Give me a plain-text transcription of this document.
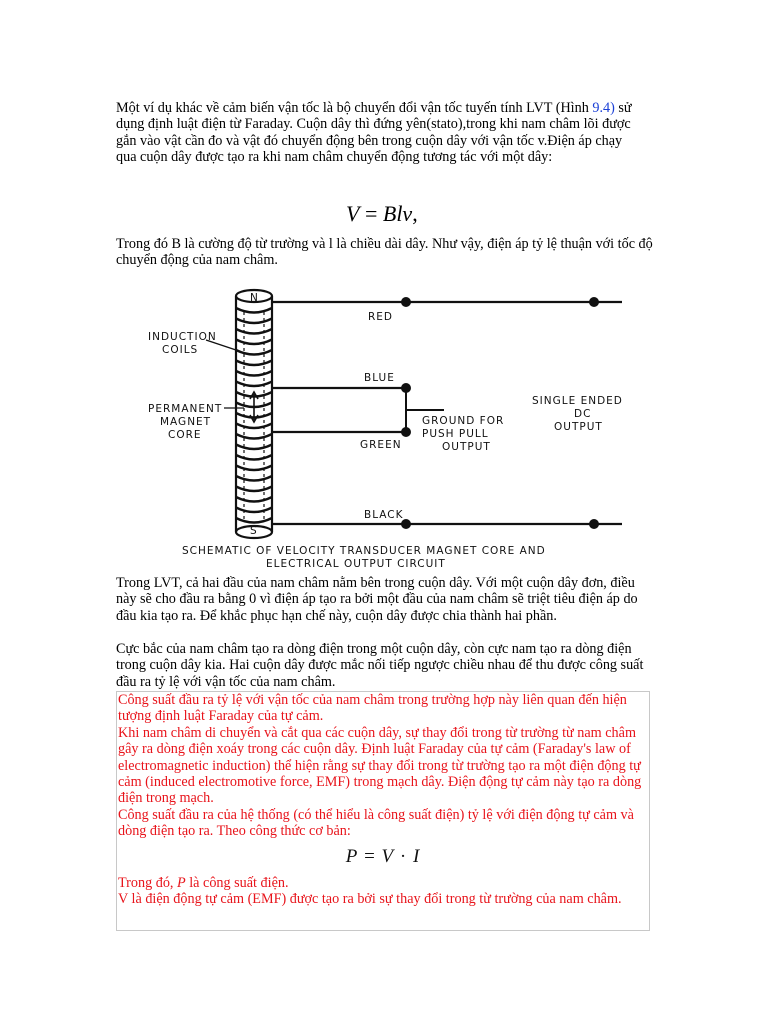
Một ví dụ khác về cảm biến vận tốc là bộ chuyển đổi vận tốc tuyến tính LVT (Hình 9.4) sử dụng định luật điện từ Faraday. Cuộn dây thì đứng yên(stato),trong khi nam châm lõi được gắn vào vật cần đo và vật đó chuyển động bên trong cuộn dây với vận tốc v.Điện áp chạy qua cuộn dây được tạo ra khi nam châm chuyển động tương tác với một dây:

V = Blv,

Trong đó B là cường độ từ trường và l là chiều dài dây. Như vậy, điện áp tỷ lệ thuận với tốc độ chuyển động của nam châm.

N
S
INDUCTION
COILS
PERMANENT
MAGNET
CORE
RED
BLUE
GREEN
BLACK
GROUND FOR
PUSH PULL
OUTPUT
SINGLE ENDED
DC
OUTPUT
SCHEMATIC OF VELOCITY TRANSDUCER MAGNET CORE AND
ELECTRICAL OUTPUT CIRCUIT

Trong LVT, cả hai đầu của nam châm nằm bên trong cuộn dây. Với một cuộn dây đơn, điều này sẽ cho đầu ra bằng 0 vì điện áp tạo ra bởi một đầu của nam châm sẽ triệt tiêu điện áp do đầu kia tạo ra. Để khắc phục hạn chế này, cuộn dây được chia thành hai phần.

Cực bắc của nam châm tạo ra dòng điện trong một cuộn dây, còn cực nam tạo ra dòng điện trong cuộn dây kia. Hai cuộn dây được mắc nối tiếp ngược chiều nhau để thu được công suất đầu ra tỷ lệ với vận tốc của nam châm.

Công suất đầu ra tỷ lệ với vận tốc của nam châm trong trường hợp này liên quan đến hiện tượng định luật Faraday của tự cảm.

Khi nam châm di chuyển và cắt qua các cuộn dây, sự thay đổi trong từ trường từ nam châm gây ra dòng điện xoáy trong các cuộn dây. Định luật Faraday của tự cảm (Faraday's law of electromagnetic induction) thể hiện rằng sự thay đổi trong từ trường tạo ra một điện động tự cảm (induced electromotive force, EMF) trong mạch dây. Điện động tự cảm này tạo ra dòng điện trong mạch.

Công suất đầu ra của hệ thống (có thể hiểu là công suất điện) tỷ lệ với điện động tự cảm và dòng điện tạo ra. Theo công thức cơ bản:

P = V · I

Trong đó, P là công suất điện.

V là điện động tự cảm (EMF) được tạo ra bởi sự thay đổi trong từ trường của nam châm.
